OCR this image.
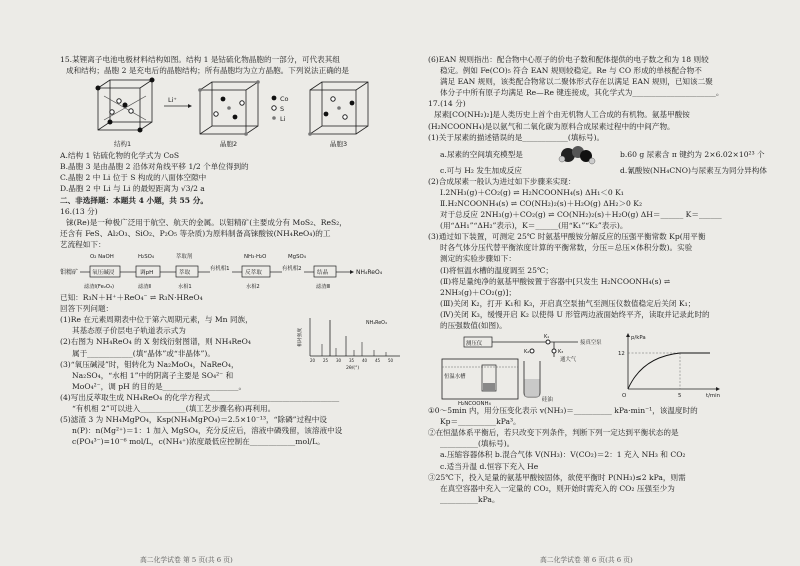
15.某锂离子电池电极材料结构如图。结构 1 是钴硫化物晶胞的一部分，可代表其组

成和结构；晶胞 2 是充电后的晶胞结构；所有晶胞均为立方晶胞。下列说法正确的是

结构1
Li⁺
晶胞2
Co
S
Li
晶胞3

A.结构 1 钴硫化物的化学式为 CoS

B.晶胞 3 是由晶胞 2 沿体对角线平移 1/2 个单位得到的

C.晶胞 2 中 Li 位于 S 构成的八面体空隙中

D.晶胞 2 中 Li 与 Li 的最短距离为 √3/2 a

二、非选择题：本题共 4 小题，共 55 分。

16.(13 分)

铼(Re)是一种极广泛用于航空、航天的金属。以钼精矿(主要成分有 MoS₂、ReS₂，

还含有 FeS、Al₂O₃、SiO₂、P₂O₅ 等杂质)为原料制备高铼酸铵(NH₄ReO₄)的工

艺流程如下：

钼精矿 氧压碱浸	调pH	萃取
有机相1
反萃取
有机相2
结晶	NH₄ReO₄
O₂ NaOH	H₂SO₄	萃取剂	NH₃·H₂O	MgSO₄
滤渣Ⅰ(Fe₂O₃)	滤渣Ⅱ	水相1	水相2	滤渣Ⅲ

已知：R₃N＋H⁺＋ReO₄⁻ ⇌ R₃N·HReO₄

回答下列问题：

(1)Re 在元素周期表中位于第六周期元素，与 Mn 同族，

其基态原子价层电子轨道表示式为

(2)右图为 NH₄ReO₄ 的 X 射线衍射图谱，则 NH₄ReO₄

属于____________(填“晶体”或“非晶体”)。

(3)“氧压碱浸”时，钼转化为 Na₂MoO₄，NaReO₄，

Na₂SO₄，“水相 1”中的阴离子主要是 SO₄²⁻ 和

MoO₄²⁻，调 pH 的目的是____________________。

(4)写出反萃取生成 NH₄ReO₄ 的化学方程式__________________________________

“有机相 2”可以进入____________(填工艺步骤名称)再利用。

(5)滤渣 3 为 NH₄MgPO₄，Ksp(NH₄MgPO₄)＝2.5×10⁻¹³，“除磷”过程中设

n(P)：n(Mg²⁺)＝1：1 加入 MgSO₄，充分反应后，溶液中磷残留，该溶液中设

c(PO₄³⁻)=10⁻⁶ mol/L，c(NH₄⁺)浓度最低应控制在____________mol/L。

相对强度
NH₄ReO₄
20 25 30 35 40 45 50
2θ/(°)
高二化学试卷 第 5 页(共 6 页)

(6)EAN 规则指出：配合物中心原子的价电子数和配体提供的电子数之和为 18 则较

稳定。例如 Fe(CO)₅ 符合 EAN 规则较稳定。Re 与 CO 形成的单核配合物不

满足 EAN 规则，该类配合物常以二聚体形式存在以满足 EAN 规则，已知该二聚

体分子中所有原子均满足 Re—Re 键连接成，其化学式为______________________。

17.(14 分)

尿素[CO(NH₂)₂]是人类历史上首个由无机物人工合成的有机物。氨基甲酸铵

(H₂NCOONH₄)是以氨气和二氧化碳为原料合成尿素过程中的中间产物。

(1)关于尿素的描述错误的是____________(填标号)。

a.尿素的空间填充模型是	b.60 g 尿素含 π 键约为 2×6.02×10²³ 个
c.可与 H₂ 发生加成反应	d.氰酸铵(NH₄CNO)与尿素互为同分异构体

(2)合成尿素一般认为进过如下步骤来实现：

Ⅰ.2NH₃(g)＋CO₂(g) ⇌ H₂NCOONH₄(s) ΔH₁＜0 K₁

Ⅱ.H₂NCOONH₄(s) ⇌ CO(NH₂)₂(s)＋H₂O(g) ΔH₂＞0 K₂

对于总反应 2NH₃(g)＋CO₂(g) ⇌ CO(NH₂)₂(s)＋H₂O(g) ΔH＝______ K＝______

(用“ΔH₁”“ΔH₂”表示)，K＝______(用“K₁”“K₂”表示)。

(3)通过如下装置，可测定 25℃ 时氨基甲酸铵分解反应的压强平衡常数 Kp(用平衡

时各气体分压代替平衡浓度计算的平衡常数，分压＝总压×体积分数)。实验

测定的实验步骤如下：

(Ⅰ)将恒温水槽的温度调至 25℃；

(Ⅱ)将足量纯净的氨基甲酸铵置于容器中[只发生 H₂NCOONH₄(s) ⇌

2NH₃(g)＋CO₂(g)]；

(Ⅲ)关闭 K₂，打开 K₁和 K₃，开启真空泵抽气至测压仪数值稳定后关闭 K₁；

(Ⅳ)关闭 K₃，缓慢开启 K₂ 以使得 U 形管两边液面始终平齐，读取并记录此时的

的压强数值(如图)。

测压仪
K₁
接真空泵
K₃
通大气
K₂
恒温水槽
H₂NCOONH₄
硅油
p/kPa
t/min
12
5
O

①0～5min 内，用分压变化表示 v(NH₃)＝__________ kPa·min⁻¹，该温度时的

Kp＝__________kPa³。

②在恒温体系平衡后，若只改变下列条件，判断下列一定达到平衡状态的是

__________(填标号)。

a.压缩容器体积 b.混合气体 V(NH₃)：V(CO₂)＝2：1 充入 NH₃ 和 CO₂

c.适当升温 d.恒容下充入 He

③25℃下，投入足量的氨基甲酸铵固体，欲使平衡时 P(NH₃)≤2 kPa，则需

在真空容器中充入一定量的 CO₂，则开始时需充入的 CO₂ 压强至少为

__________kPa。

高二化学试卷 第 6 页(共 6 页)
